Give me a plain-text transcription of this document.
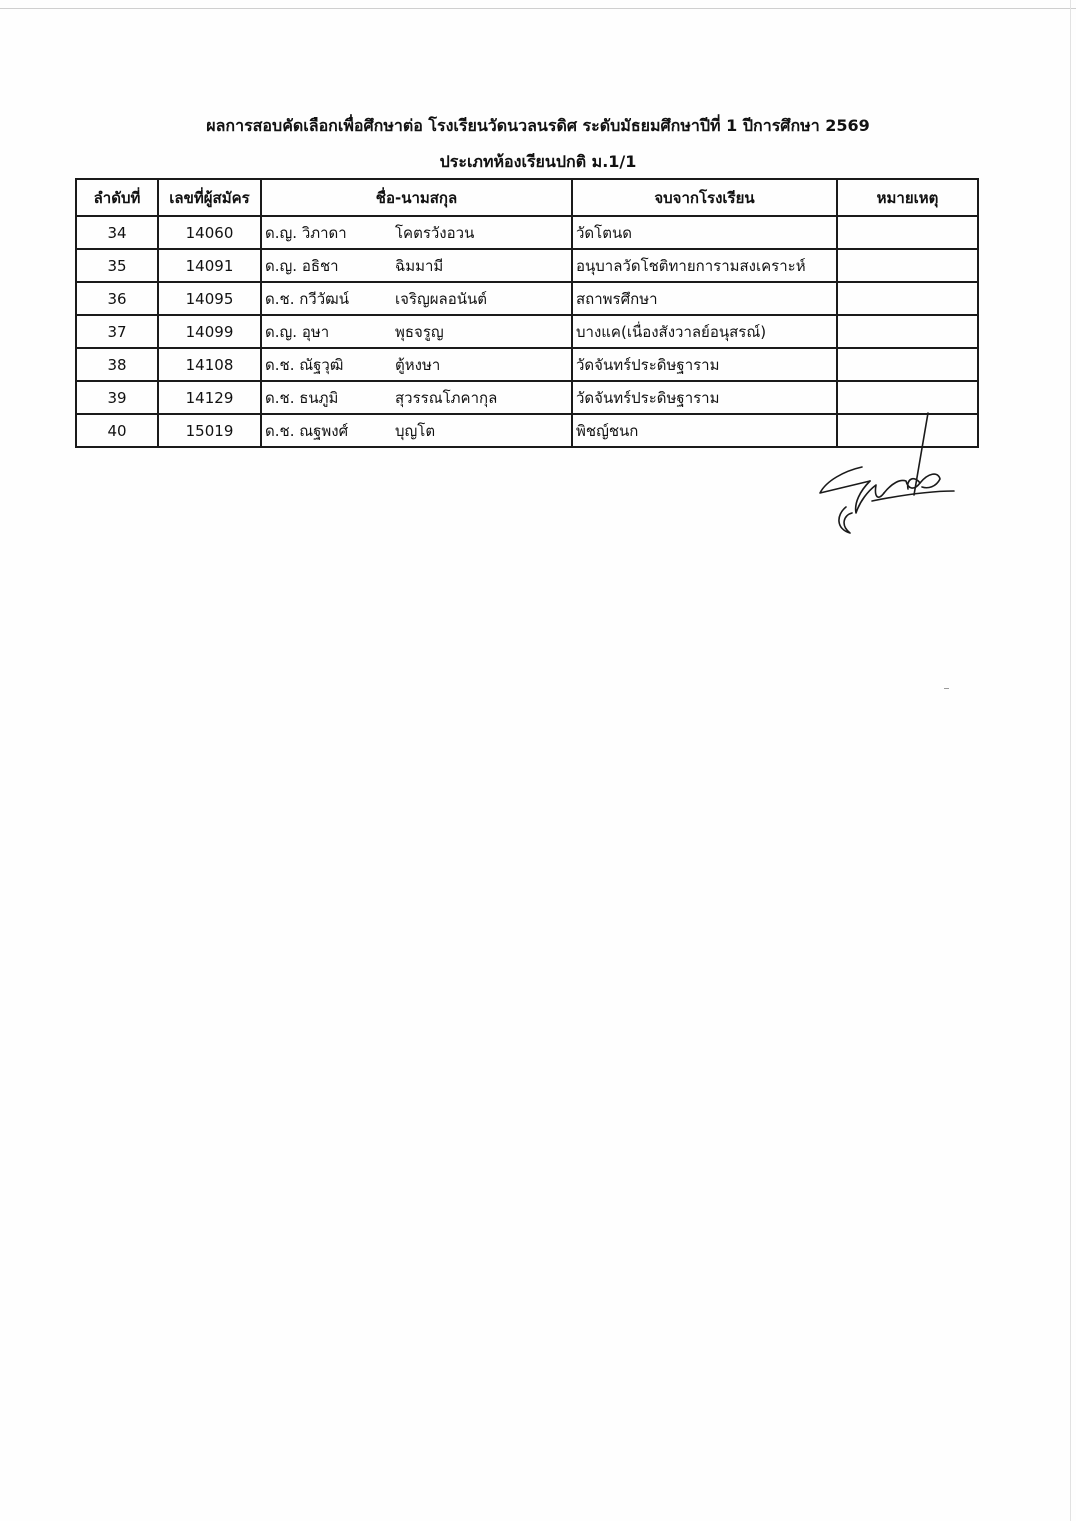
ผลการสอบคัดเลือกเพื่อศึกษาต่อ โรงเรียนวัดนวลนรดิศ ระดับมัธยมศึกษาปีที่ 1 ปีการศึกษา 2569
ประเภทห้องเรียนปกติ ม.1/1
ลำดับที่	เลขที่ผู้สมัคร	ชื่อ-นามสกุล	จบจากโรงเรียน	หมายเหตุ
34	14060	ด.ญ. วิภาดา โคตรวังอวน	วัดโตนด	
35	14091	ด.ญ. อธิชา ฉิมมามี	อนุบาลวัดโชติทายการามสงเคราะห์	
36	14095	ด.ช. กวีวัฒน์ เจริญผลอนันต์	สถาพรศึกษา	
37	14099	ด.ญ. อุษา พุธจรูญ	บางแค(เนื่องสังวาลย์อนุสรณ์)	
38	14108	ด.ช. ณัฐวุฒิ ตู้หงษา	วัดจันทร์ประดิษฐาราม	
39	14129	ด.ช. ธนภูมิ สุวรรณโภคากุล	วัดจันทร์ประดิษฐาราม	
40	15019	ด.ช. ณฐพงศ์ บุญโต	พิชญ์ชนก	
